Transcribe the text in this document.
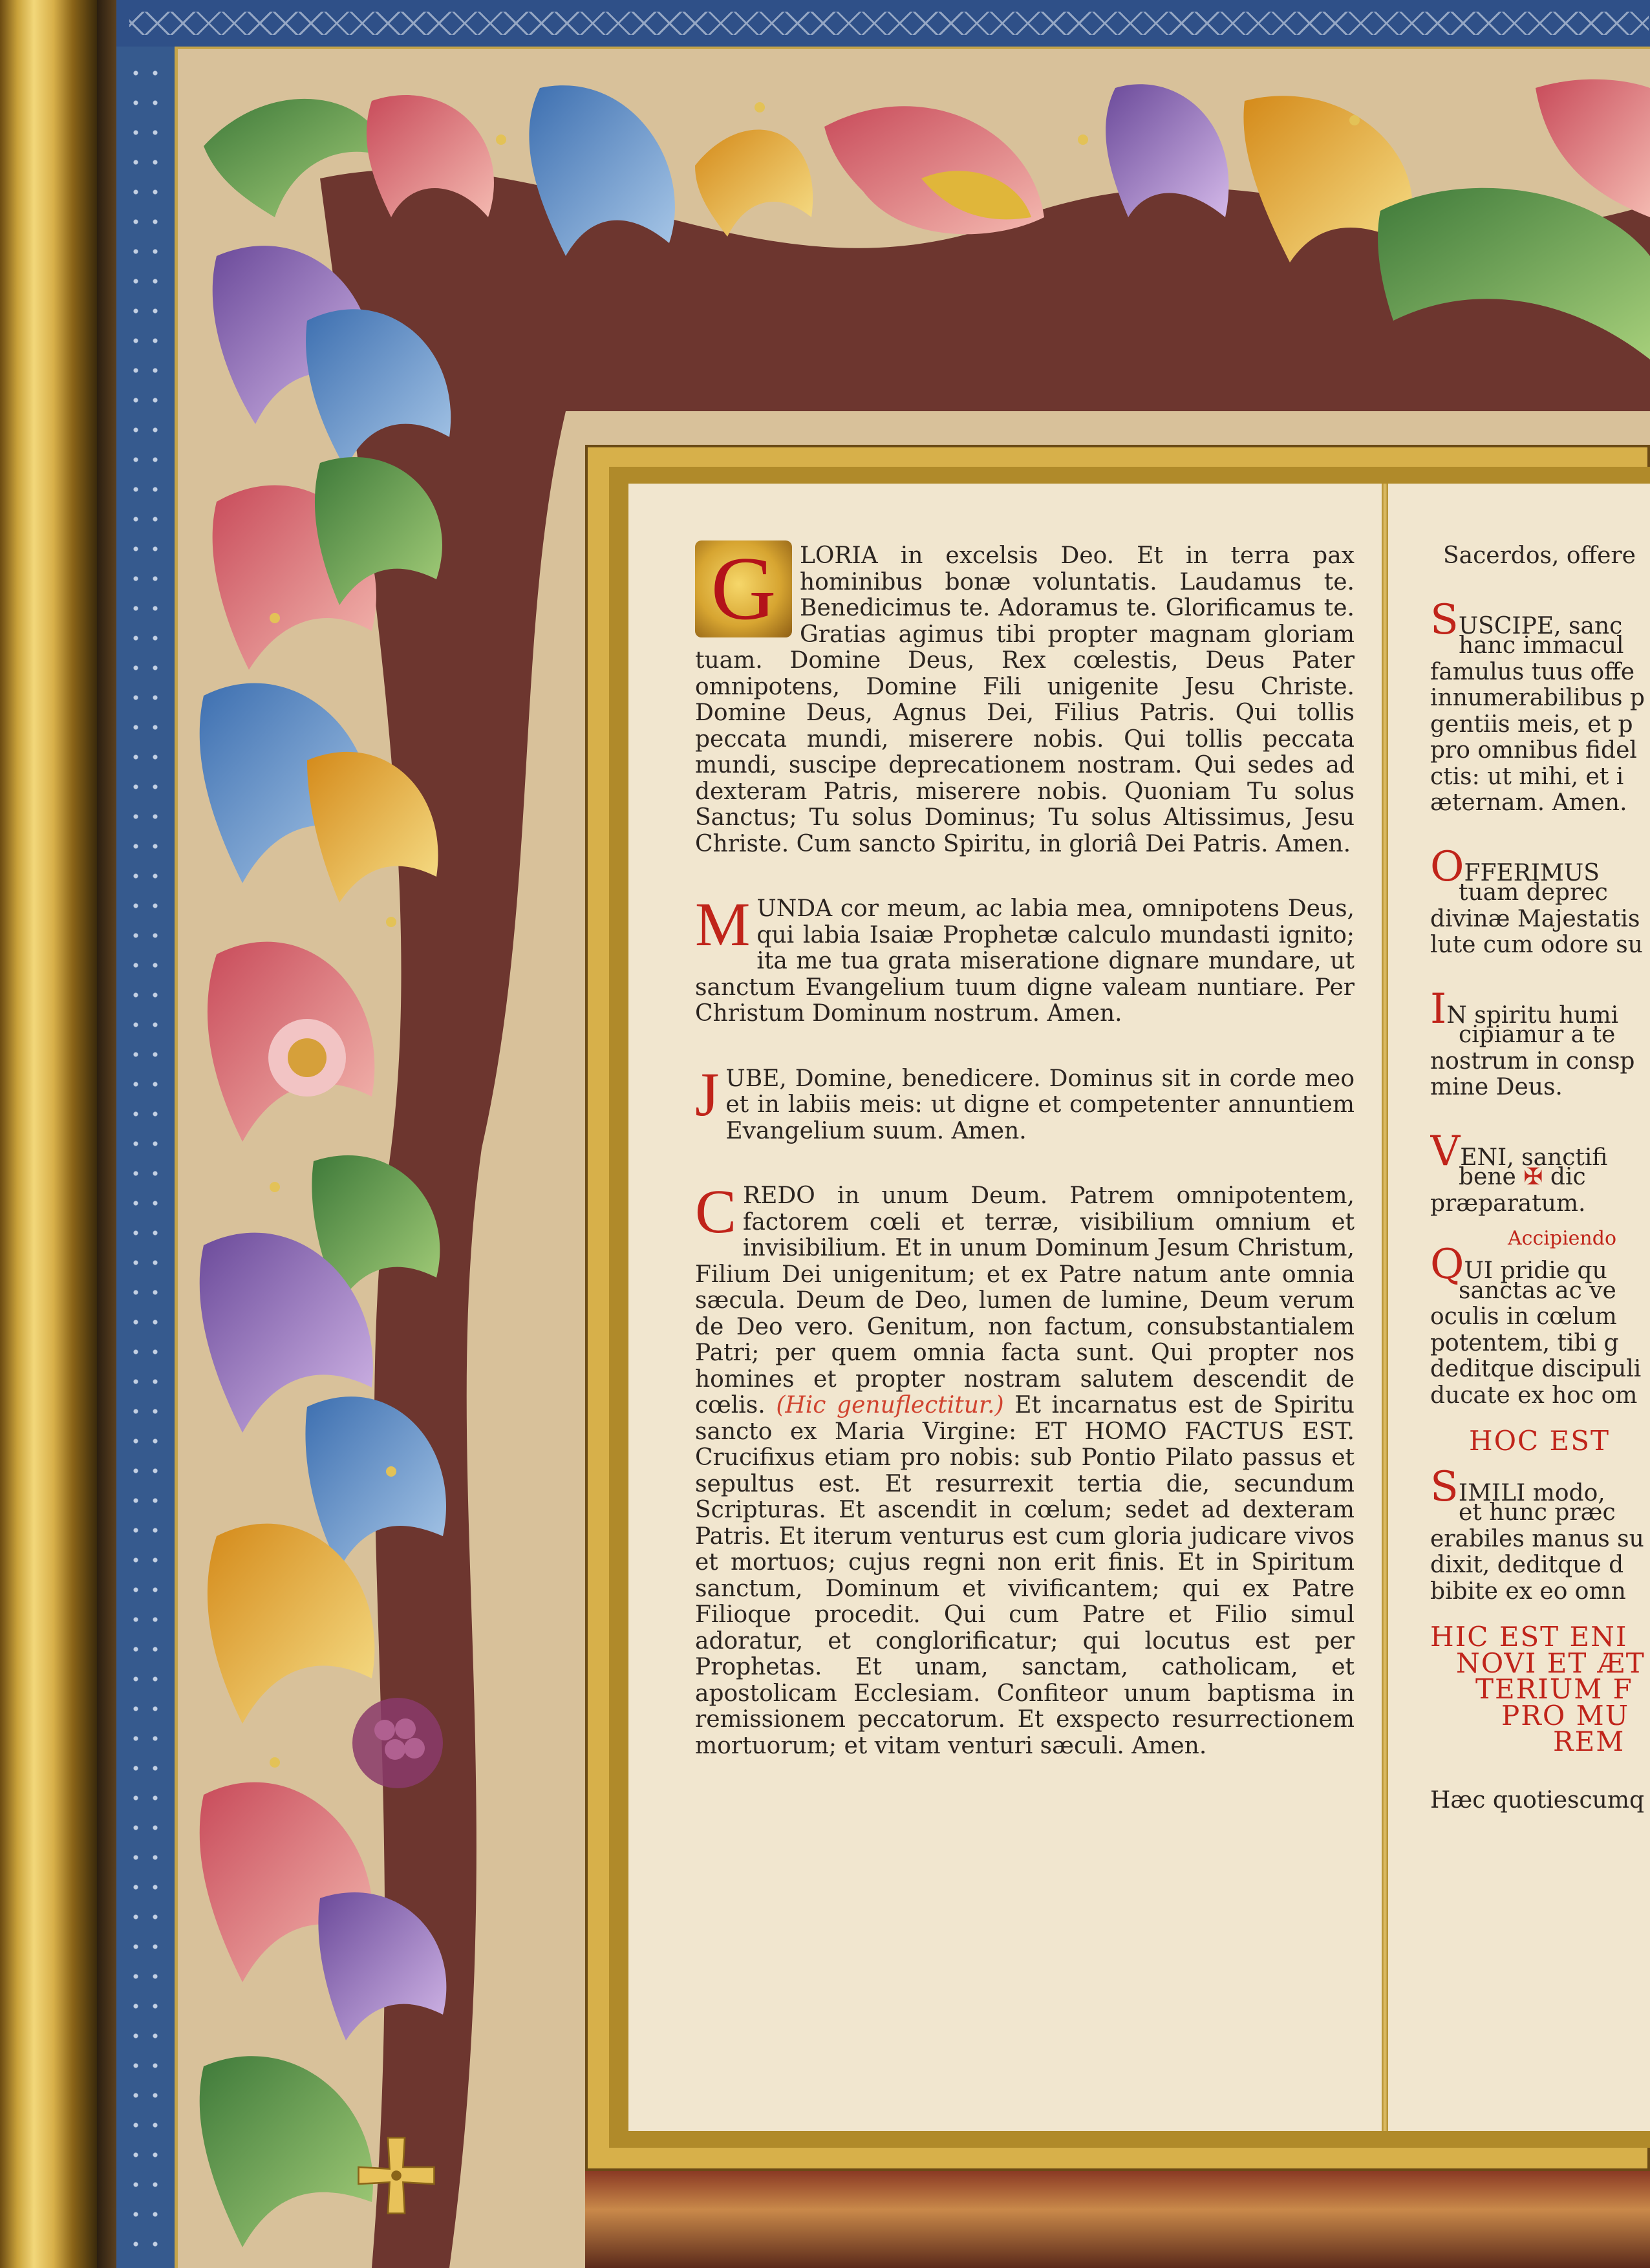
G	LORIA in excelsis Deo. Et in terra pax hominibus bonæ voluntatis. Laudamus te. Benedicimus te. Adoramus te. Glorificamus te. Gratias agimus tibi propter magnam gloriam tuam. Domine Deus, Rex cœlestis, Deus Pater omnipotens, Domine Fili unigenite Jesu Christe. Domine Deus, Agnus Dei, Filius Patris. Qui tollis peccata mundi, miserere nobis. Qui tollis peccata mundi, suscipe deprecationem nostram. Qui sedes ad dexteram Patris, miserere nobis. Quoniam Tu solus Sanctus; Tu solus Dominus; Tu solus Altissimus, Jesu Christe. Cum sancto Spiritu, in gloriâ Dei Patris. Amen.

M UNDA cor meum, ac labia mea, omnipotens Deus, qui labia Isaiæ Prophetæ calculo mundasti ignito; ita me tua grata miseratione dignare mundare, ut sanctum Evangelium tuum digne valeam nuntiare. Per Christum Dominum nostrum. Amen.

J UBE, Domine, benedicere. Dominus sit in corde meo et in labiis meis: ut digne et competenter annuntiem Evangelium suum. Amen.

C REDO in unum Deum. Patrem omnipotentem, factorem cœli et terræ, visibilium omnium et invisibilium. Et in unum Dominum Jesum Christum, Filium Dei unigenitum; et ex Patre natum ante omnia sæcula. Deum de Deo, lumen de lumine, Deum verum de Deo vero. Genitum, non factum, consubstantialem Patri; per quem omnia facta sunt. Qui propter nos homines et propter nostram salutem descendit de cœlis. (Hic genuflectitur.) Et incarnatus est de Spiritu sancto ex Maria Virgine: ET HOMO FACTUS EST. Crucifixus etiam pro nobis: sub Pontio Pilato passus et sepultus est. Et resurrexit tertia die, secundum Scripturas. Et ascendit in cœlum; sedet ad dexteram Patris. Et iterum venturus est cum gloria judicare vivos et mortuos; cujus regni non erit finis. Et in Spiritum sanctum, Dominum et vivificantem; qui ex Patre Filioque procedit. Qui cum Patre et Filio simul adoratur, et conglorificatur; qui locutus est per Prophetas. Et unam, sanctam, catholicam, et apostolicam Ecclesiam. Confiteor unum baptisma in remissionem peccatorum. Et exspecto resurrectionem mortuorum; et vitam venturi sæculi. Amen.

Sacerdos, offere
SUSCIPE, sanc
hanc immacul
famulus tuus offe
innumerabilibus p
gentiis meis, et p
pro omnibus fidel
ctis: ut mihi, et i
æternam. Amen.
OFFERIMUS
tuam deprec
divinæ Majestatis
lute cum odore su
IN spiritu humi
cipiamur a te
nostrum in consp
mine Deus.
VENI, sanctifi
bene ✠ dic
præparatum.
Accipiendo
QUI pridie qu
sanctas ac ve
oculis in cœlum
potentem, tibi g
deditque discipuli
ducate ex hoc om
HOC EST
SIMILI modo,
et hunc præc
erabiles manus su
dixit, deditque d
bibite ex eo omn
HIC EST ENI
NOVI ET ÆT
TERIUM F
PRO MU
REM
Hæc quotiescumq
